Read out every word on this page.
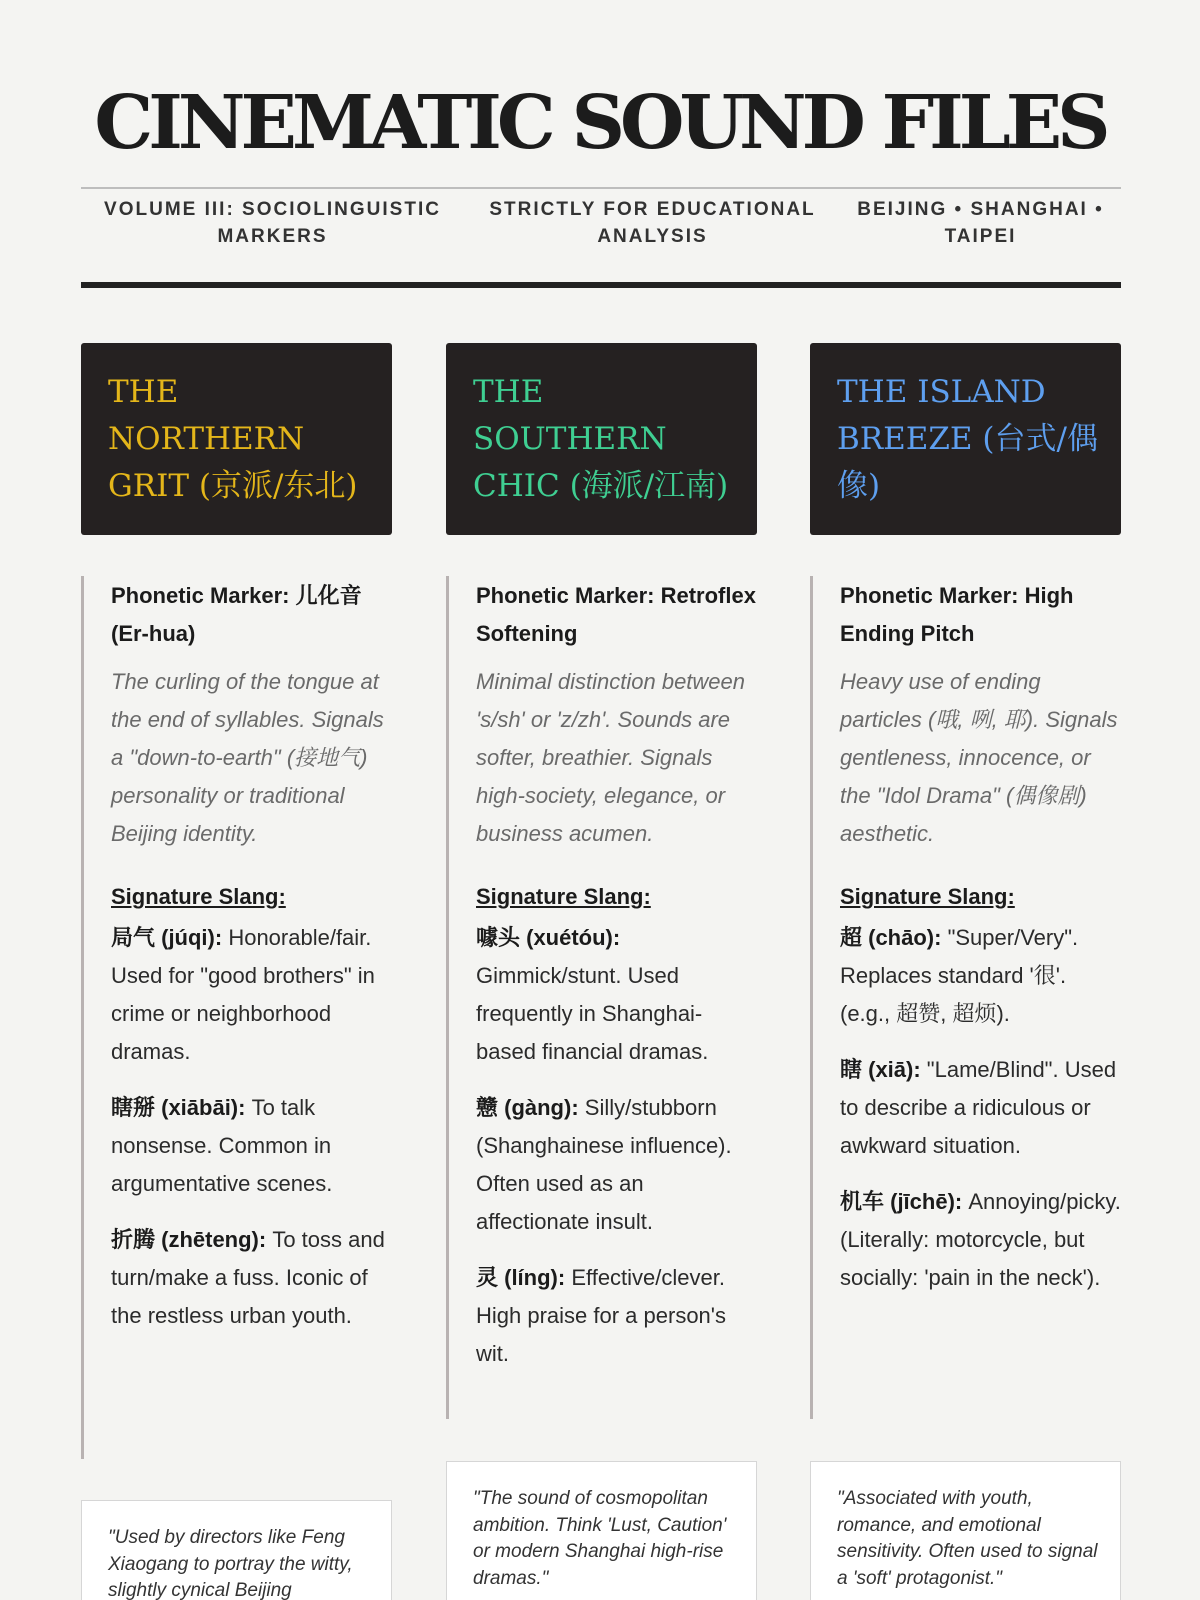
CINEMATIC SOUND FILES
VOLUME III: SOCIOLINGUISTIC MARKERS
STRICTLY FOR EDUCATIONAL ANALYSIS
BEIJING • SHANGHAI • TAIPEI
THE NORTHERN GRIT (京派/东北)
Phonetic Marker: 儿化音 (Er-hua)

The curling of the tongue at the end of syllables. Signals a "down-to-earth" (接地气) personality or traditional Beijing identity.

Signature Slang:
局气 (júqi): Honorable/fair. Used for "good brothers" in crime or neighborhood dramas.
瞎掰 (xiābāi): To talk nonsense. Common in argumentative scenes.
折腾 (zhēteng): To toss and turn/make a fuss. Iconic of the restless urban youth.
"Used by directors like Feng Xiaogang to portray the witty, slightly cynical Beijing
THE SOUTHERN CHIC (海派/江南)
Phonetic Marker: Retroflex Softening

Minimal distinction between 's/sh' or 'z/zh'. Sounds are softer, breathier. Signals high-society, elegance, or business acumen.

Signature Slang:
噱头 (xuétóu): Gimmick/stunt. Used frequently in Shanghai-based financial dramas.
戆 (gàng): Silly/stubborn (Shanghainese influence). Often used as an affectionate insult.
灵 (líng): Effective/clever. High praise for a person's wit.
"The sound of cosmopolitan ambition. Think 'Lust, Caution' or modern Shanghai high-rise dramas."
THE ISLAND BREEZE (台式/偶像)
Phonetic Marker: High Ending Pitch

Heavy use of ending particles (哦, 咧, 耶). Signals gentleness, innocence, or the "Idol Drama" (偶像剧) aesthetic.

Signature Slang:
超 (chāo): "Super/Very". Replaces standard '很'. (e.g., 超赞, 超烦).
瞎 (xiā): "Lame/Blind". Used to describe a ridiculous or awkward situation.
机车 (jīchē): Annoying/picky. (Literally: motorcycle, but socially: 'pain in the neck').
"Associated with youth, romance, and emotional sensitivity. Often used to signal a 'soft' protagonist."
